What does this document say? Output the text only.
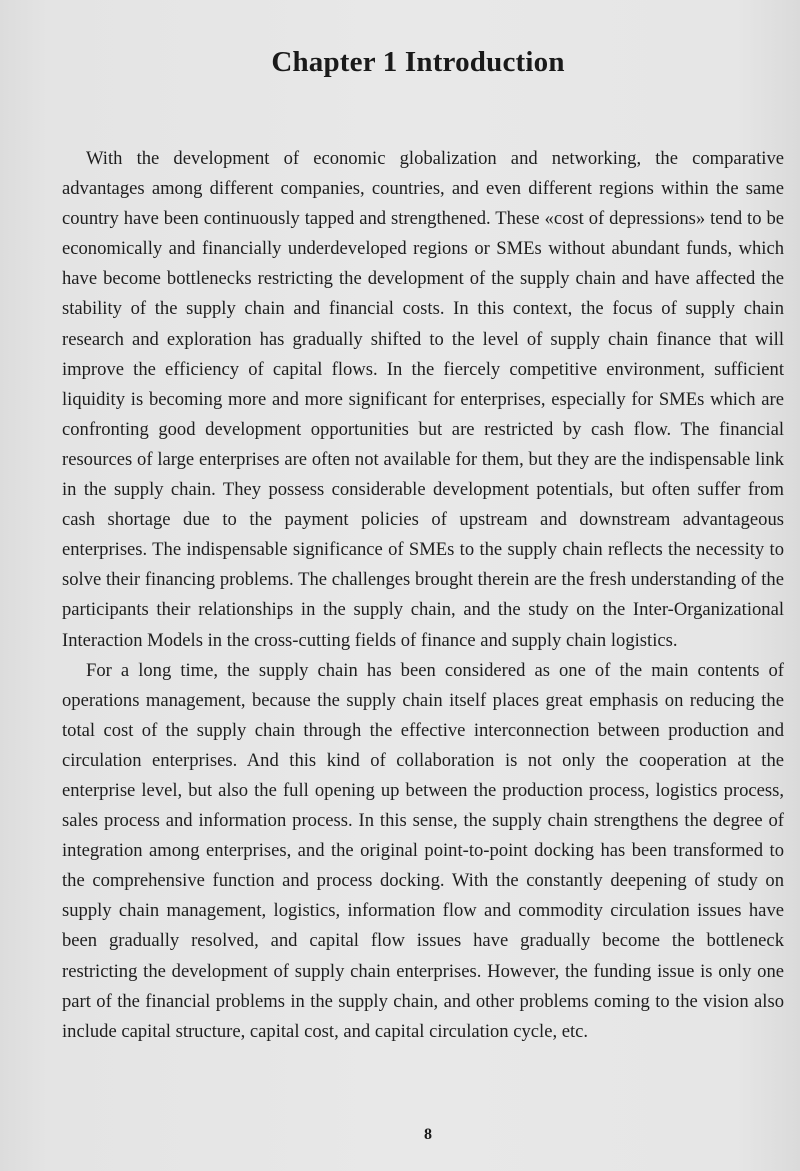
Chapter 1 Introduction

With the development of economic globalization and networking, the comparative advantages among different companies, countries, and even different regions within the same country have been continuously tapped and strengthened. These «cost of depressions» tend to be economically and financially underdeveloped regions or SMEs without abundant funds, which have become bottlenecks restricting the development of the supply chain and have affected the stability of the supply chain and financial costs. In this context, the focus of supply chain research and exploration has gradually shifted to the level of supply chain finance that will improve the efficiency of capital flows. In the fiercely competitive environment, sufficient liquidity is becoming more and more significant for enterprises, especially for SMEs which are confronting good development opportunities but are restricted by cash flow. The financial resources of large enterprises are often not available for them, but they are the indispensable link in the supply chain. They possess considerable development potentials, but often suffer from cash shortage due to the payment policies of upstream and downstream advantageous enterprises. The indispensable significance of SMEs to the supply chain reflects the necessity to solve their financing problems. The challenges brought therein are the fresh understanding of the participants their relationships in the supply chain, and the study on the Inter-Organizational Interaction Models in the cross-cutting fields of finance and supply chain logistics.

For a long time, the supply chain has been considered as one of the main contents of operations management, because the supply chain itself places great emphasis on reducing the total cost of the supply chain through the effective interconnection between production and circulation enterprises. And this kind of collaboration is not only the cooperation at the enterprise level, but also the full opening up between the production process, logistics process, sales process and information process. In this sense, the supply chain strengthens the degree of integration among enterprises, and the original point-to-point docking has been transformed to the comprehensive function and process docking. With the constantly deepening of study on supply chain management, logistics, information flow and commodity circulation issues have been gradually resolved, and capital flow issues have gradually become the bottleneck restricting the development of supply chain enterprises. However, the funding issue is only one part of the financial problems in the supply chain, and other problems coming to the vision also include capital structure, capital cost, and capital circulation cycle, etc.

8
